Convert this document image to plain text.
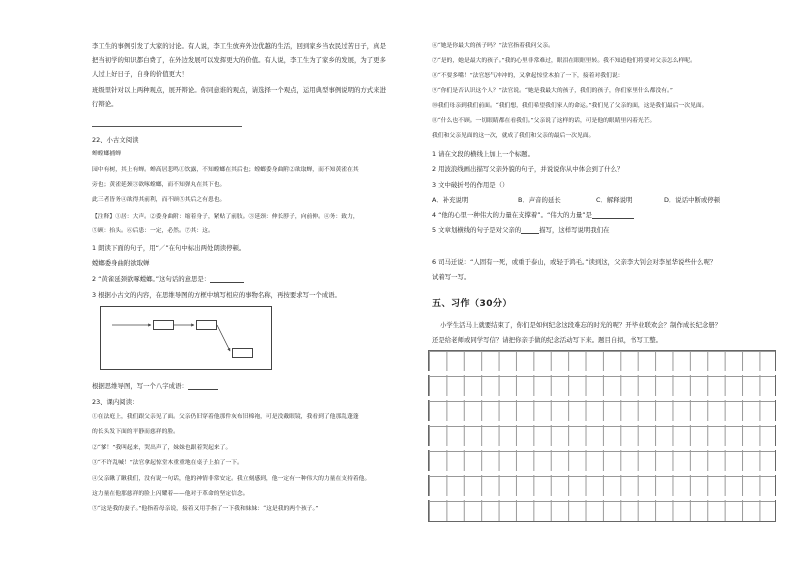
李工生的事例引发了大家的讨论。有人说，李工生放弃外边优越的生活，回到家乡当农民过苦日子，真是
把当初学的知识都白费了，在外边发展可以发挥更大的价值。有人说，李工生为了家乡的发展，为了更多
人过上好日子，自身的价值更大！
班级里针对以上两种观点，展开辩论。你同意谁的观点，请选择一个观点，运用典型事例说明的方式来进
行辩论。
22、小古文阅读
蝉螳螂捕蝉
园中有树，其上有蝉。蝉高居悲鸣①饮露，不知螳螂在其后也；螳螂委身曲附②欲取蝉，而不知黄雀在其
旁也；黄雀延颈③欲啄螳螂，而不知弹丸在其下也。
此三者皆务④欲得其前利，而不顾⑤其后之有患也。
【注释】①居：大声。②委身曲附：缩着身子，紧贴了前肢。③延颈：伸长脖子，向前伸。④务：致力，
⑤顾：抬头。⑥后患：一定，必然。⑦其：这。
1 朗读下面的句子，用“／”在句中标出两处朗读停顿。
螳螂委身曲附欲取蝉
2 “黄雀延颈欲啄螳螂。”这句话的意思是：
3 根据小古文的内容，在思维导图的方框中填写相应的事物名称，再按要求写一个成语。
根据思维导图，写一个八字成语：
23、课内阅读：
①在法庭上，我们跟父亲见了面。父亲仍旧穿着他那件灰布旧棉袍，可是没戴眼镜，我看到了他那乱蓬蓬
的长头发下面的平静而慈祥的脸。
②“爹！”我叫起来，哭出声了，妹妹也跟着哭起来了。
③“不许乱喊！”法官拿起惊堂木重重地在桌子上拍了一下。
④父亲瞅了瞅我们，没有说一句话，他的神情非常安定。我立刻感到，他一定有一种伟大的力量在支持着他。
这力量在他那慈祥的脸上闪耀着——他对于革命的坚定信念。
⑤“这是我的妻子。”他指着母亲说，接着又用手指了一下我和妹妹：“这是我的两个孩子。”
⑥“她是你最大的孩子吗？”法官指着我问父亲。
⑦“是的，她是最大的孩子。”我的心里非常难过，眼泪在眼眶里转。我不知道他们将要对父亲怎么样呢。
⑧“不要多嘴！”法官怒气冲冲的，又拿起惊堂木拍了一下，接着对我们说：
⑨“你们是否认识这个人？”法官说。“她是我最大的孩子，我们的孩子，你们家里什么都没有。”
⑩我们母亲到我们前面。“我们想，我们希望我们家人的命运。”我们见了父亲的面，这是我们最后一次见面。
⑪“什么也不顾。一切眼睛都在看我们。”父亲说了这样的话，可是他的眼睛里闪着光芒。
我们和父亲见面的这一次，就成了我们和父亲的最后一次见面。
1 请在文段的横线上加上一个标题。
2 用波浪线画出描写父亲外貌的句子，并说说你从中体会到了什么？
3 文中破折号的作用是（）
A．补充说明	B．声音的延长	C．解释说明	D．说话中断或停顿
4 “他的心里一种伟大的力量在支撑着”。“伟大的力量”是
5 文章划横线的句子是对父亲的	描写，这样写说明我们在
6 司马迁说：“人固有一死，或重于泰山，或轻于鸿毛。”读到这，父亲李大钊会对李星华说些什么呢？
试着写一写。
五、习作（30分）
小学生活马上就要结束了，你们是如何纪念这段难忘的时光的呢？开毕业联欢会？制作成长纪念册？
还是给老师或同学写信？请把你亲手做的纪念活动写下来。题目自拟，书写工整。
